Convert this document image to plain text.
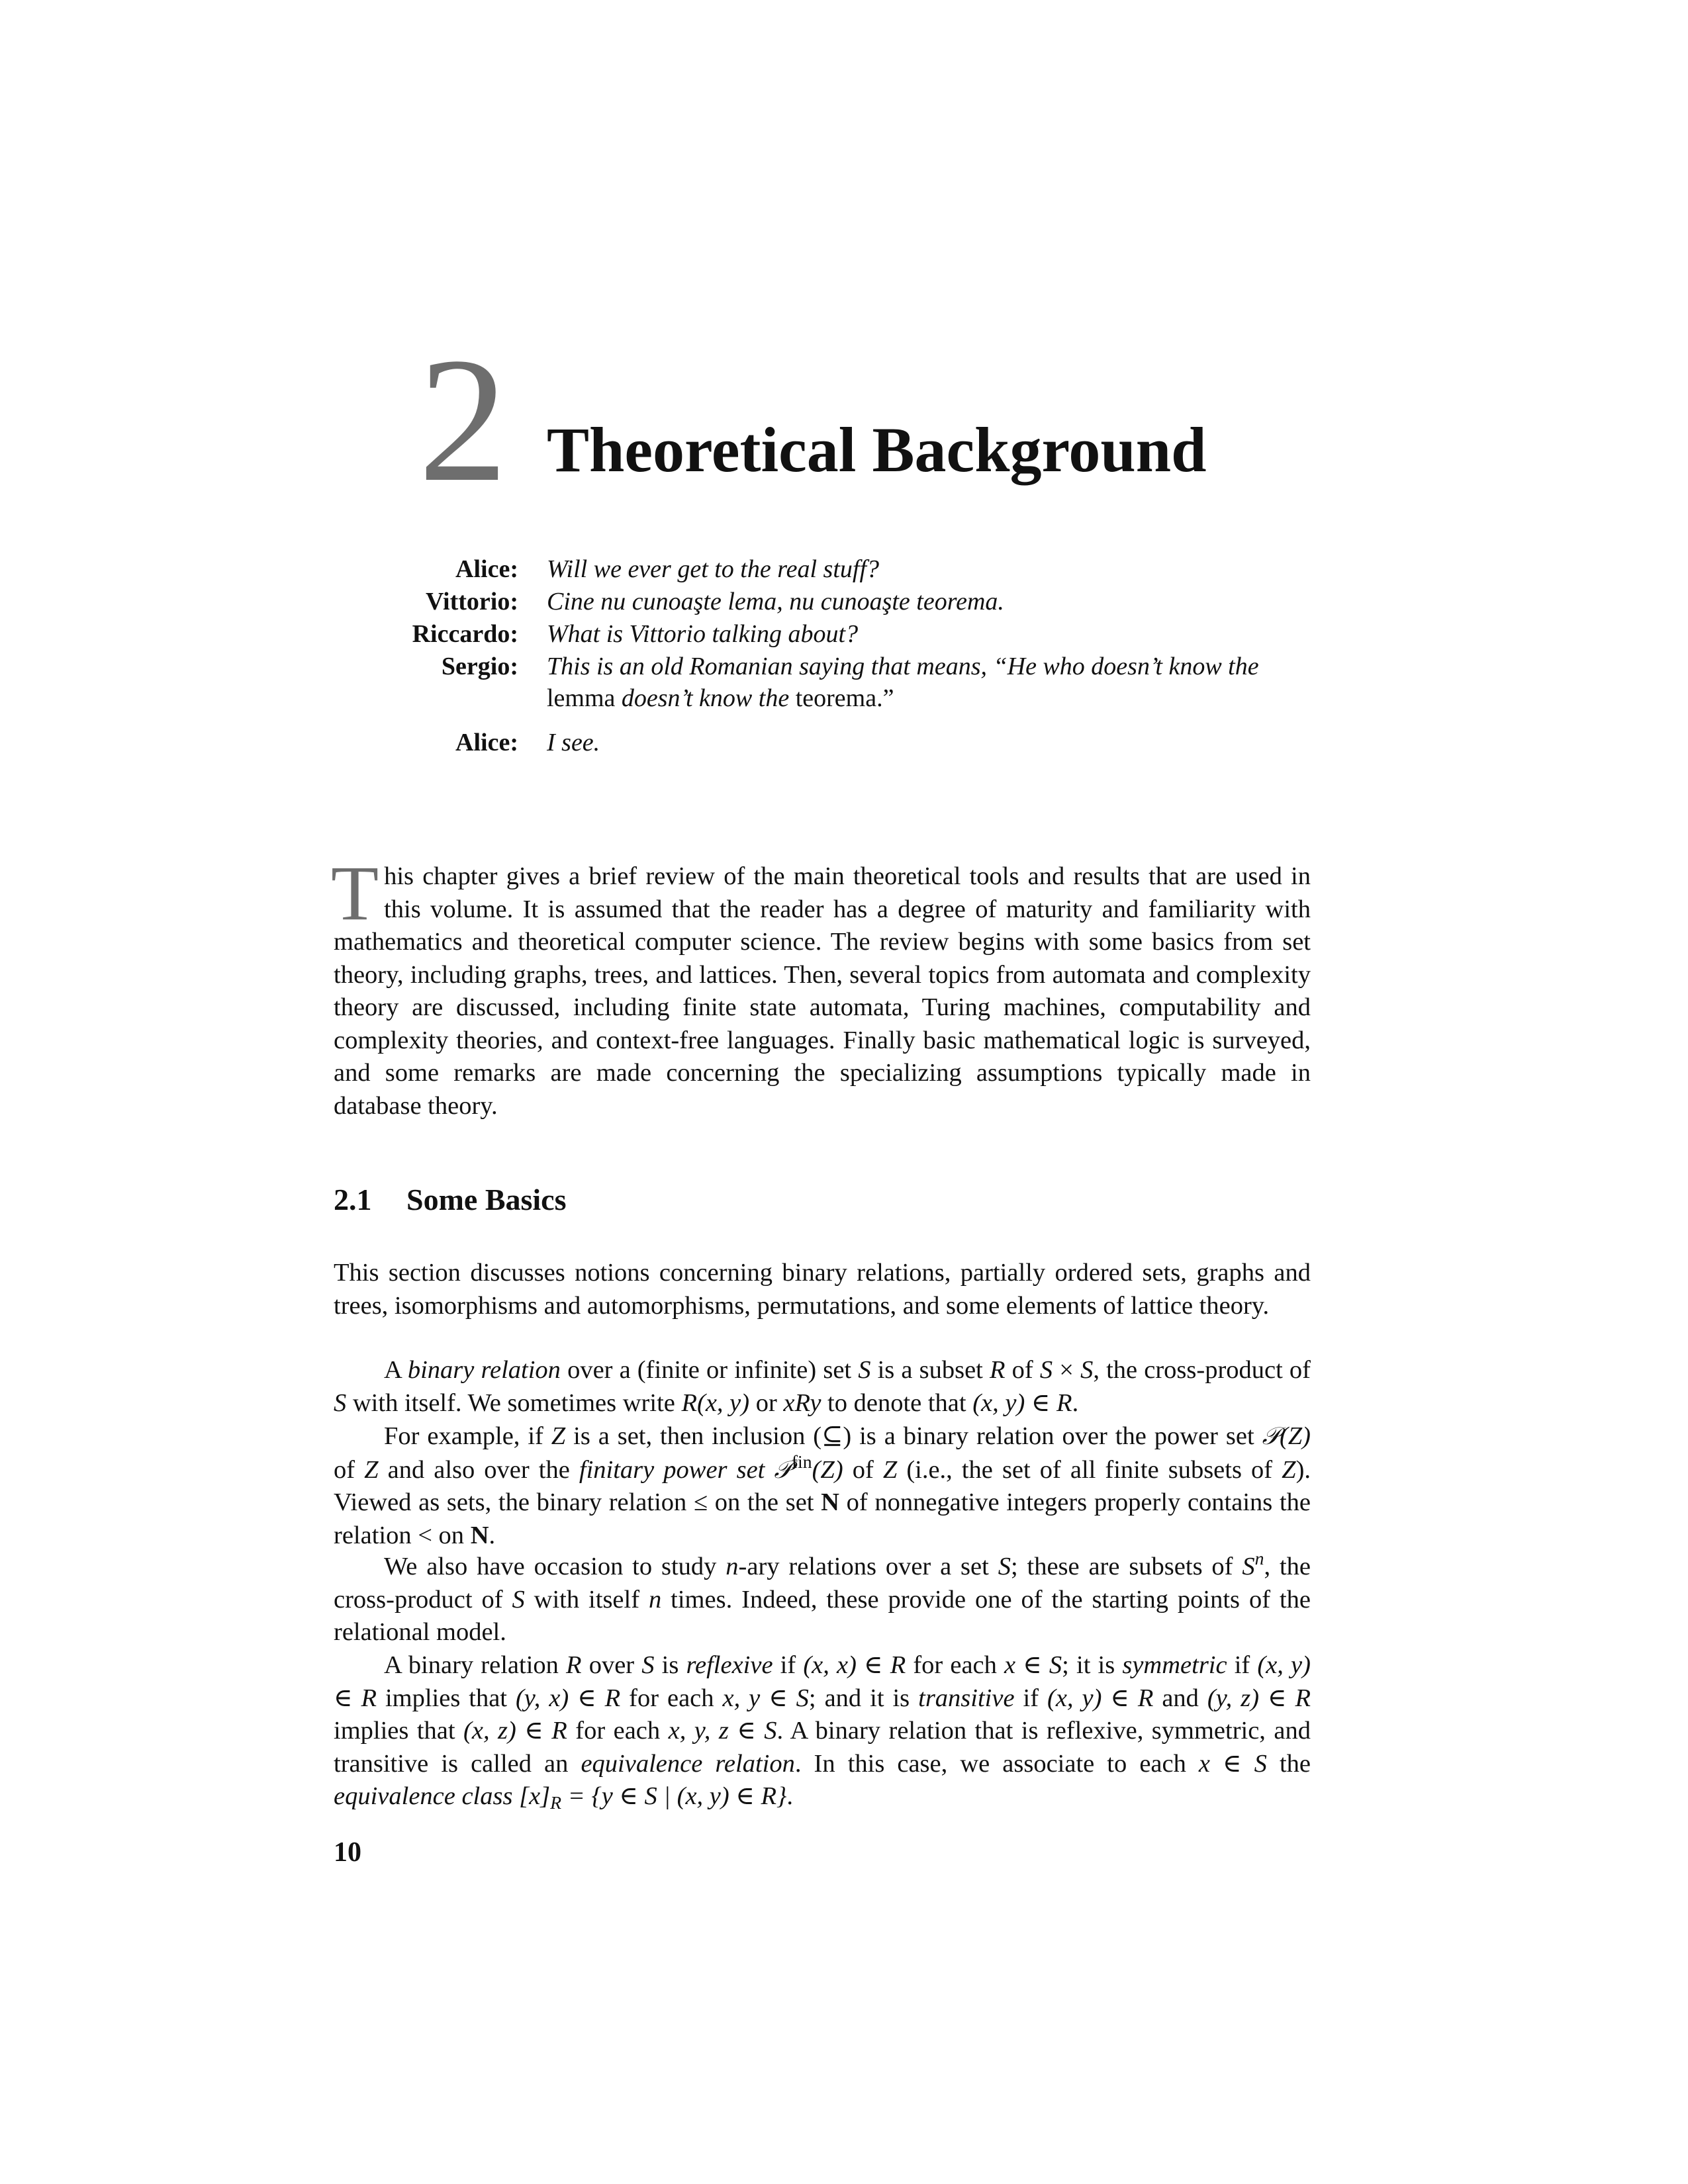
2 Theoretical Background
Alice: Will we ever get to the real stuff?
Vittorio: Cine nu cunoaşte lema, nu cunoaşte teorema.
Riccardo: What is Vittorio talking about?
Sergio: This is an old Romanian saying that means, “He who doesn’t know the
lemma doesn’t know the teorema.”
Alice: I see.
This chapter gives a brief review of the main theoretical tools and results that are used in this volume. It is assumed that the reader has a degree of maturity and familiarity with mathematics and theoretical computer science. The review begins with some basics from set theory, including graphs, trees, and lattices. Then, several topics from automata and complexity theory are discussed, including finite state automata, Turing machines, computability and complexity theories, and context-free languages. Finally basic mathematical logic is surveyed, and some remarks are made concerning the specializing assumptions typically made in database theory.
2.1 Some Basics
This section discusses notions concerning binary relations, partially ordered sets, graphs and trees, isomorphisms and automorphisms, permutations, and some elements of lattice theory.
A binary relation over a (finite or infinite) set S is a subset R of S × S, the cross-product of S with itself. We sometimes write R(x, y) or xRy to denote that (x, y) ∈ R.
For example, if Z is a set, then inclusion (⊆) is a binary relation over the power set 𝒫(Z) of Z and also over the finitary power set 𝒫$^{fin}$(Z) of Z (i.e., the set of all finite subsets of Z). Viewed as sets, the binary relation ≤ on the set N of nonnegative integers properly contains the relation < on N.
We also have occasion to study n-ary relations over a set S; these are subsets of $S^n$, the cross-product of S with itself n times. Indeed, these provide one of the starting points of the relational model.
A binary relation R over S is reflexive if (x, x) ∈ R for each x ∈ S; it is symmetric if (x, y) ∈ R implies that (y, x) ∈ R for each x, y ∈ S; and it is transitive if (x, y) ∈ R and (y, z) ∈ R implies that (x, z) ∈ R for each x, y, z ∈ S. A binary relation that is reflexive, symmetric, and transitive is called an equivalence relation. In this case, we associate to each x ∈ S the equivalence class $[x]_R = \{y$ ∈ S | (x, y) ∈ R}.
10
